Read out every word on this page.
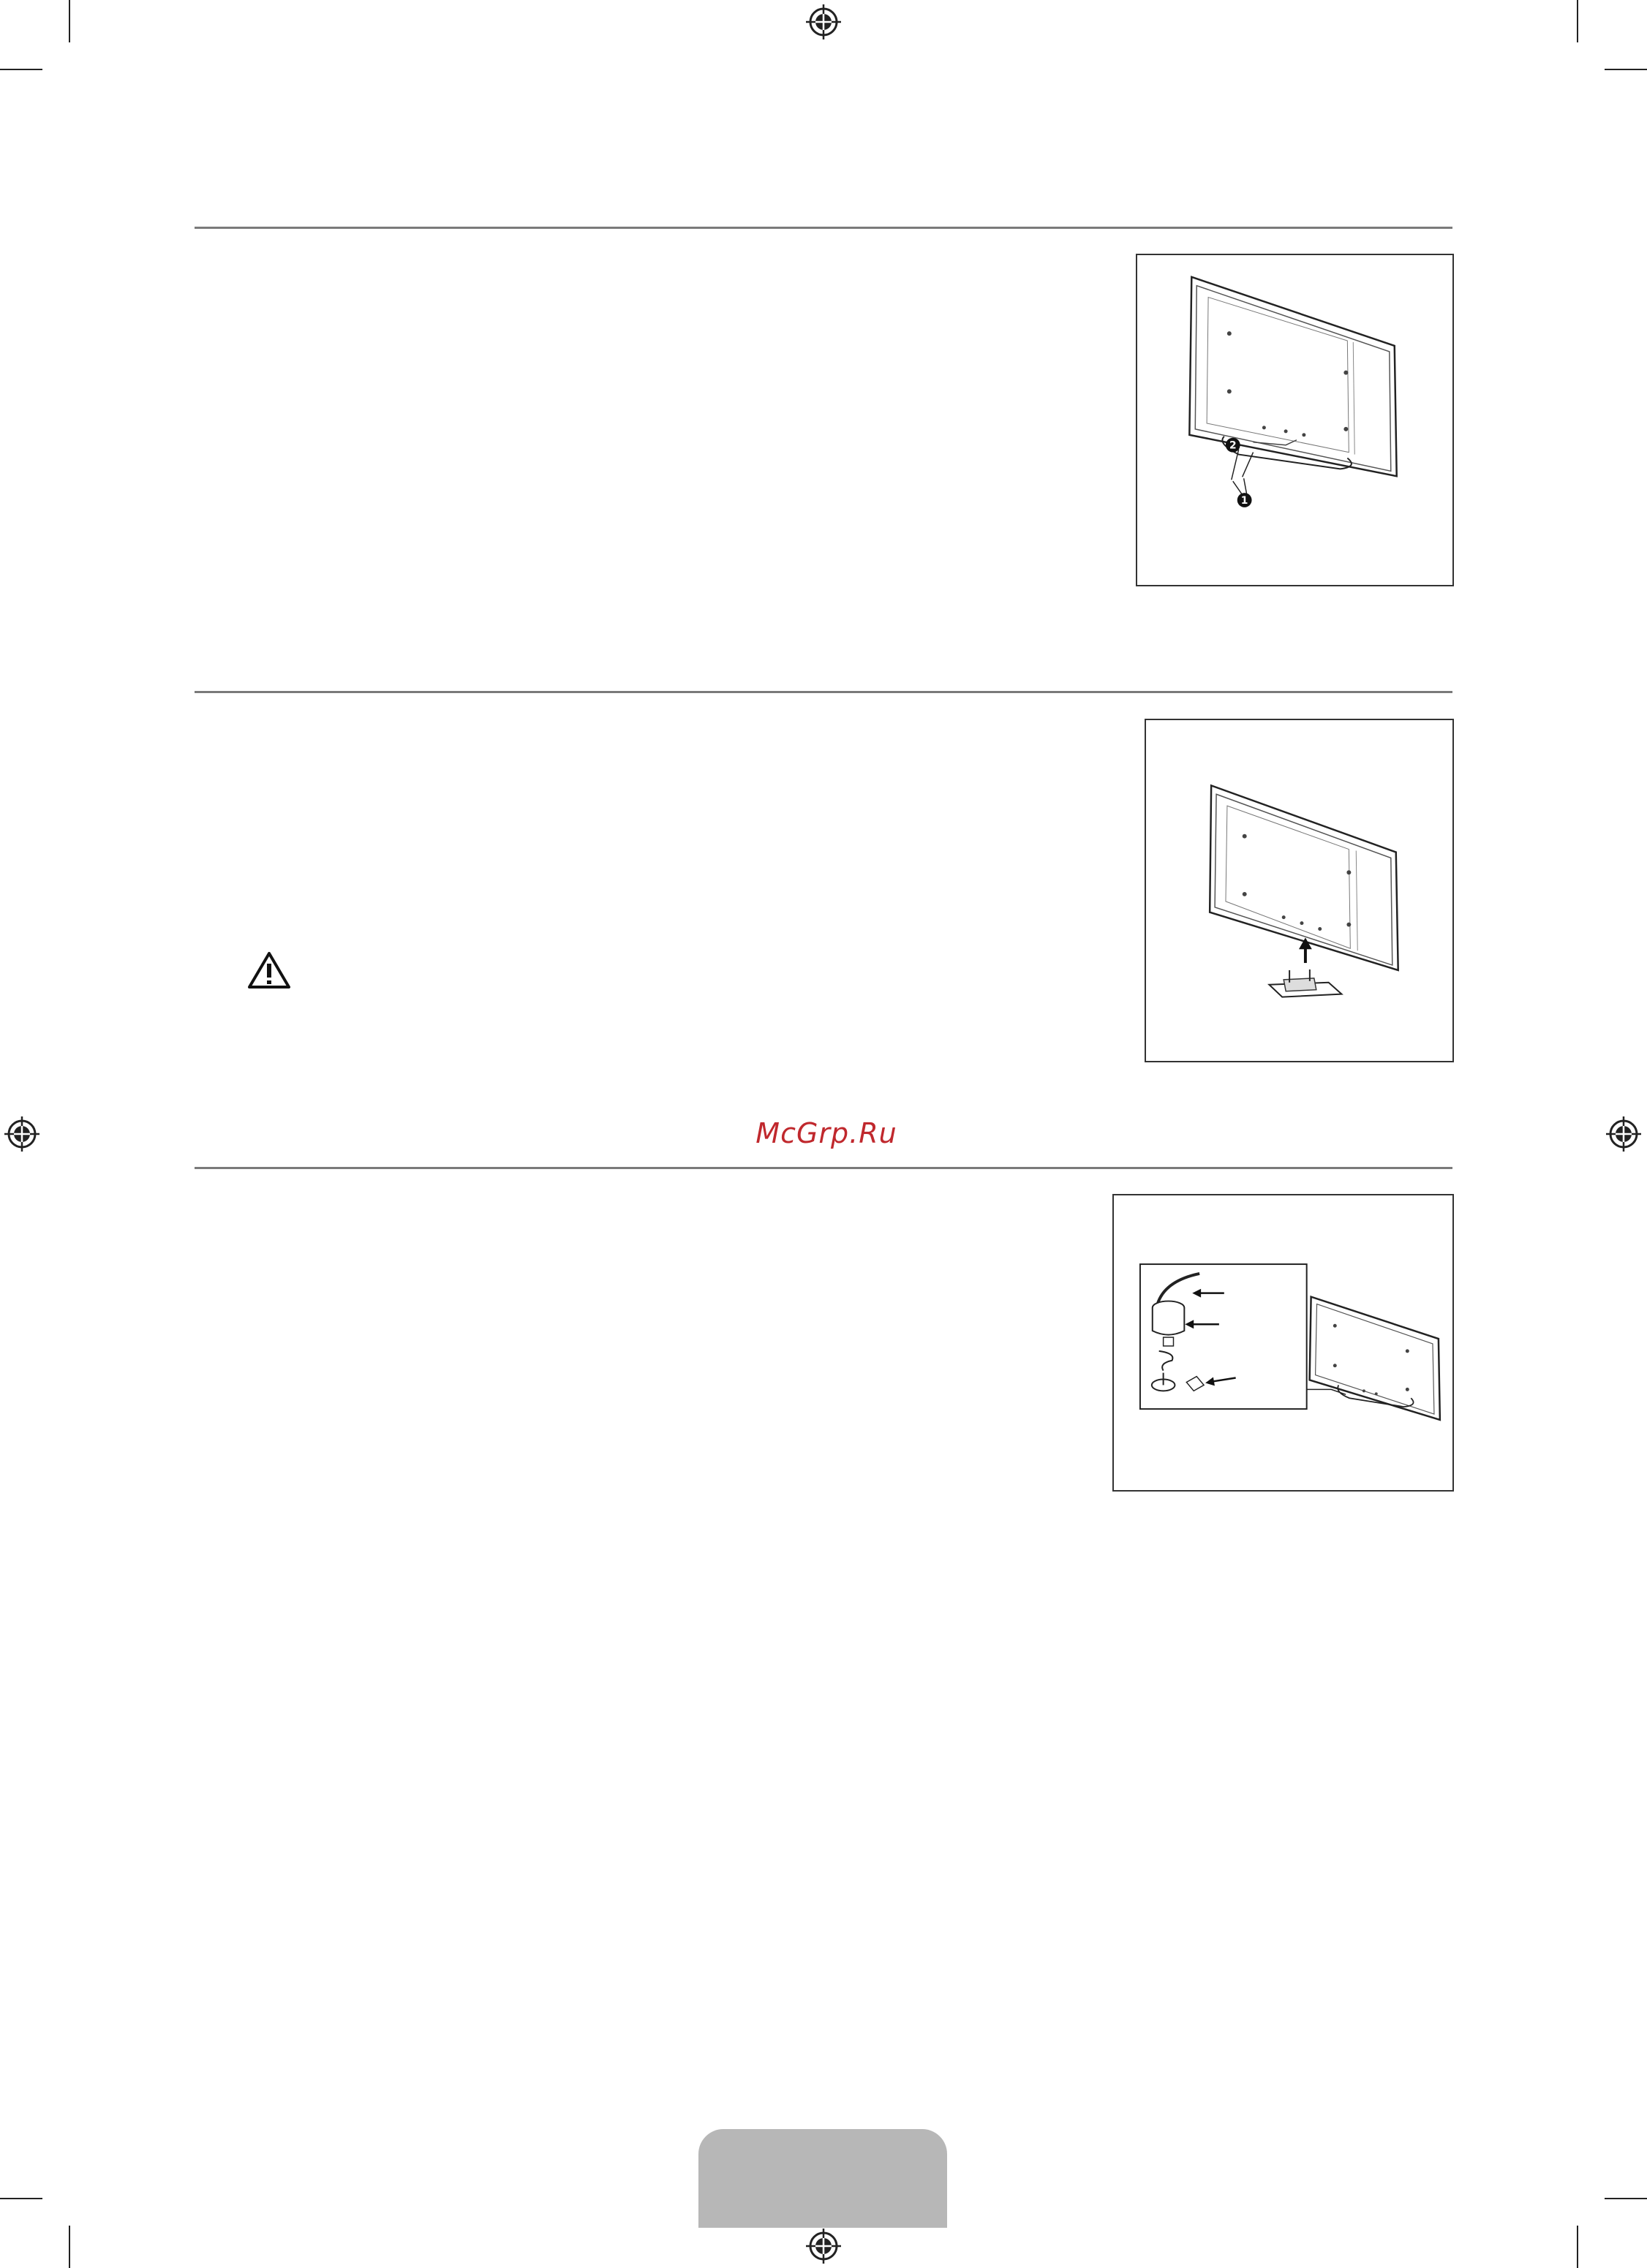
2
1
McGrp.Ru
